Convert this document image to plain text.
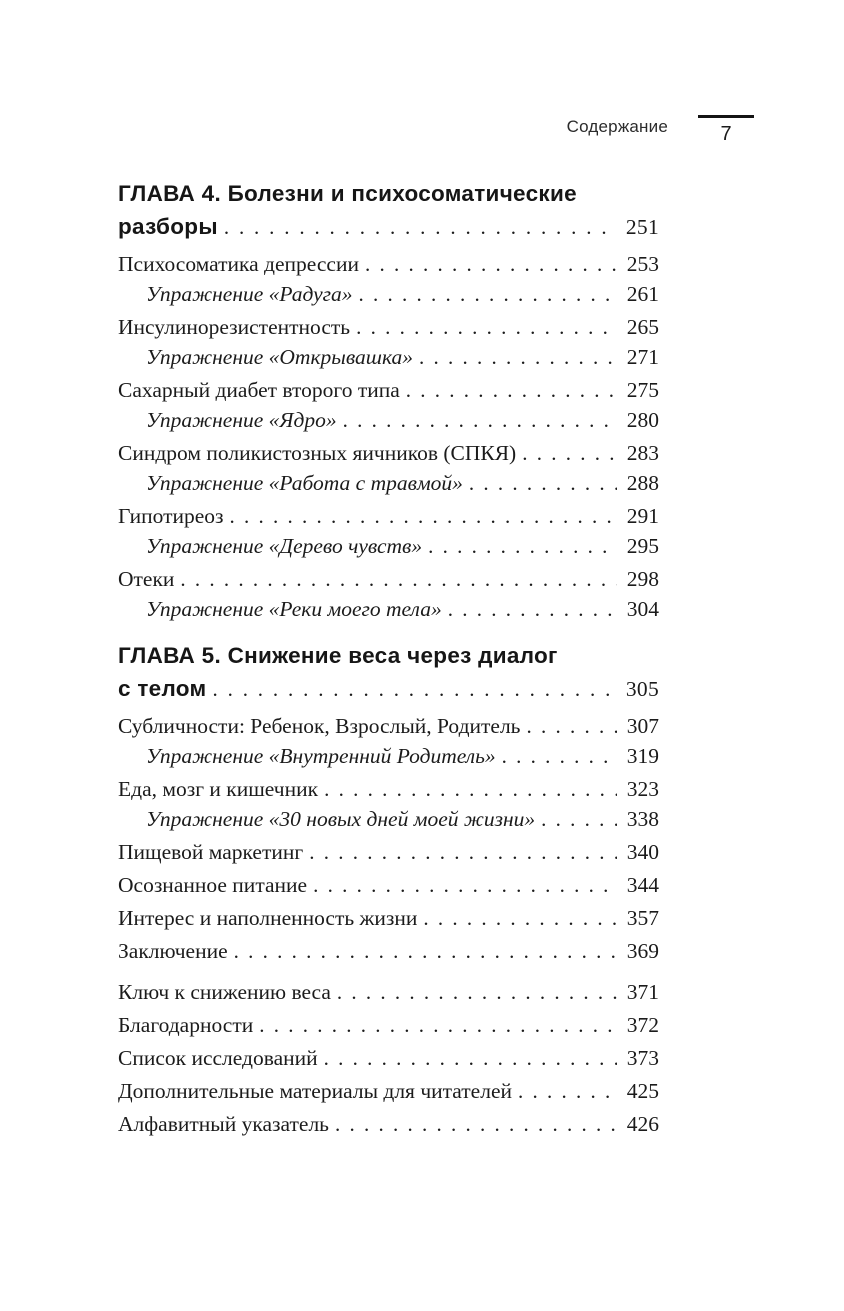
Содержание	7
ГЛАВА 4. Болезни и психосоматические
разборы . . .	251
Психосоматика депрессии . . .	253
Упражнение «Радуга» . . .	261
Инсулинорезистентность . . .	265
Упражнение «Открывашка» . . .	271
Сахарный диабет второго типа . . .	275
Упражнение «Ядро» . . .	280
Синдром поликистозных яичников (СПКЯ) . . .	283
Упражнение «Работа с травмой» . . .	288
Гипотиреоз . . .	291
Упражнение «Дерево чувств» . . .	295
Отеки . . .	298
Упражнение «Реки моего тела» . . .	304
ГЛАВА 5. Снижение веса через диалог
с телом . . .	305
Субличности: Ребенок, Взрослый, Родитель . . .	307
Упражнение «Внутренний Родитель» . . .	319
Еда, мозг и кишечник . . .	323
Упражнение «30 новых дней моей жизни» . . .	338
Пищевой маркетинг . . .	340
Осознанное питание . . .	344
Интерес и наполненность жизни . . .	357
Заключение . . .	369
Ключ к снижению веса . . .	371
Благодарности . . .	372
Список исследований . . .	373
Дополнительные материалы для читателей . . .	425
Алфавитный указатель . . .	426
